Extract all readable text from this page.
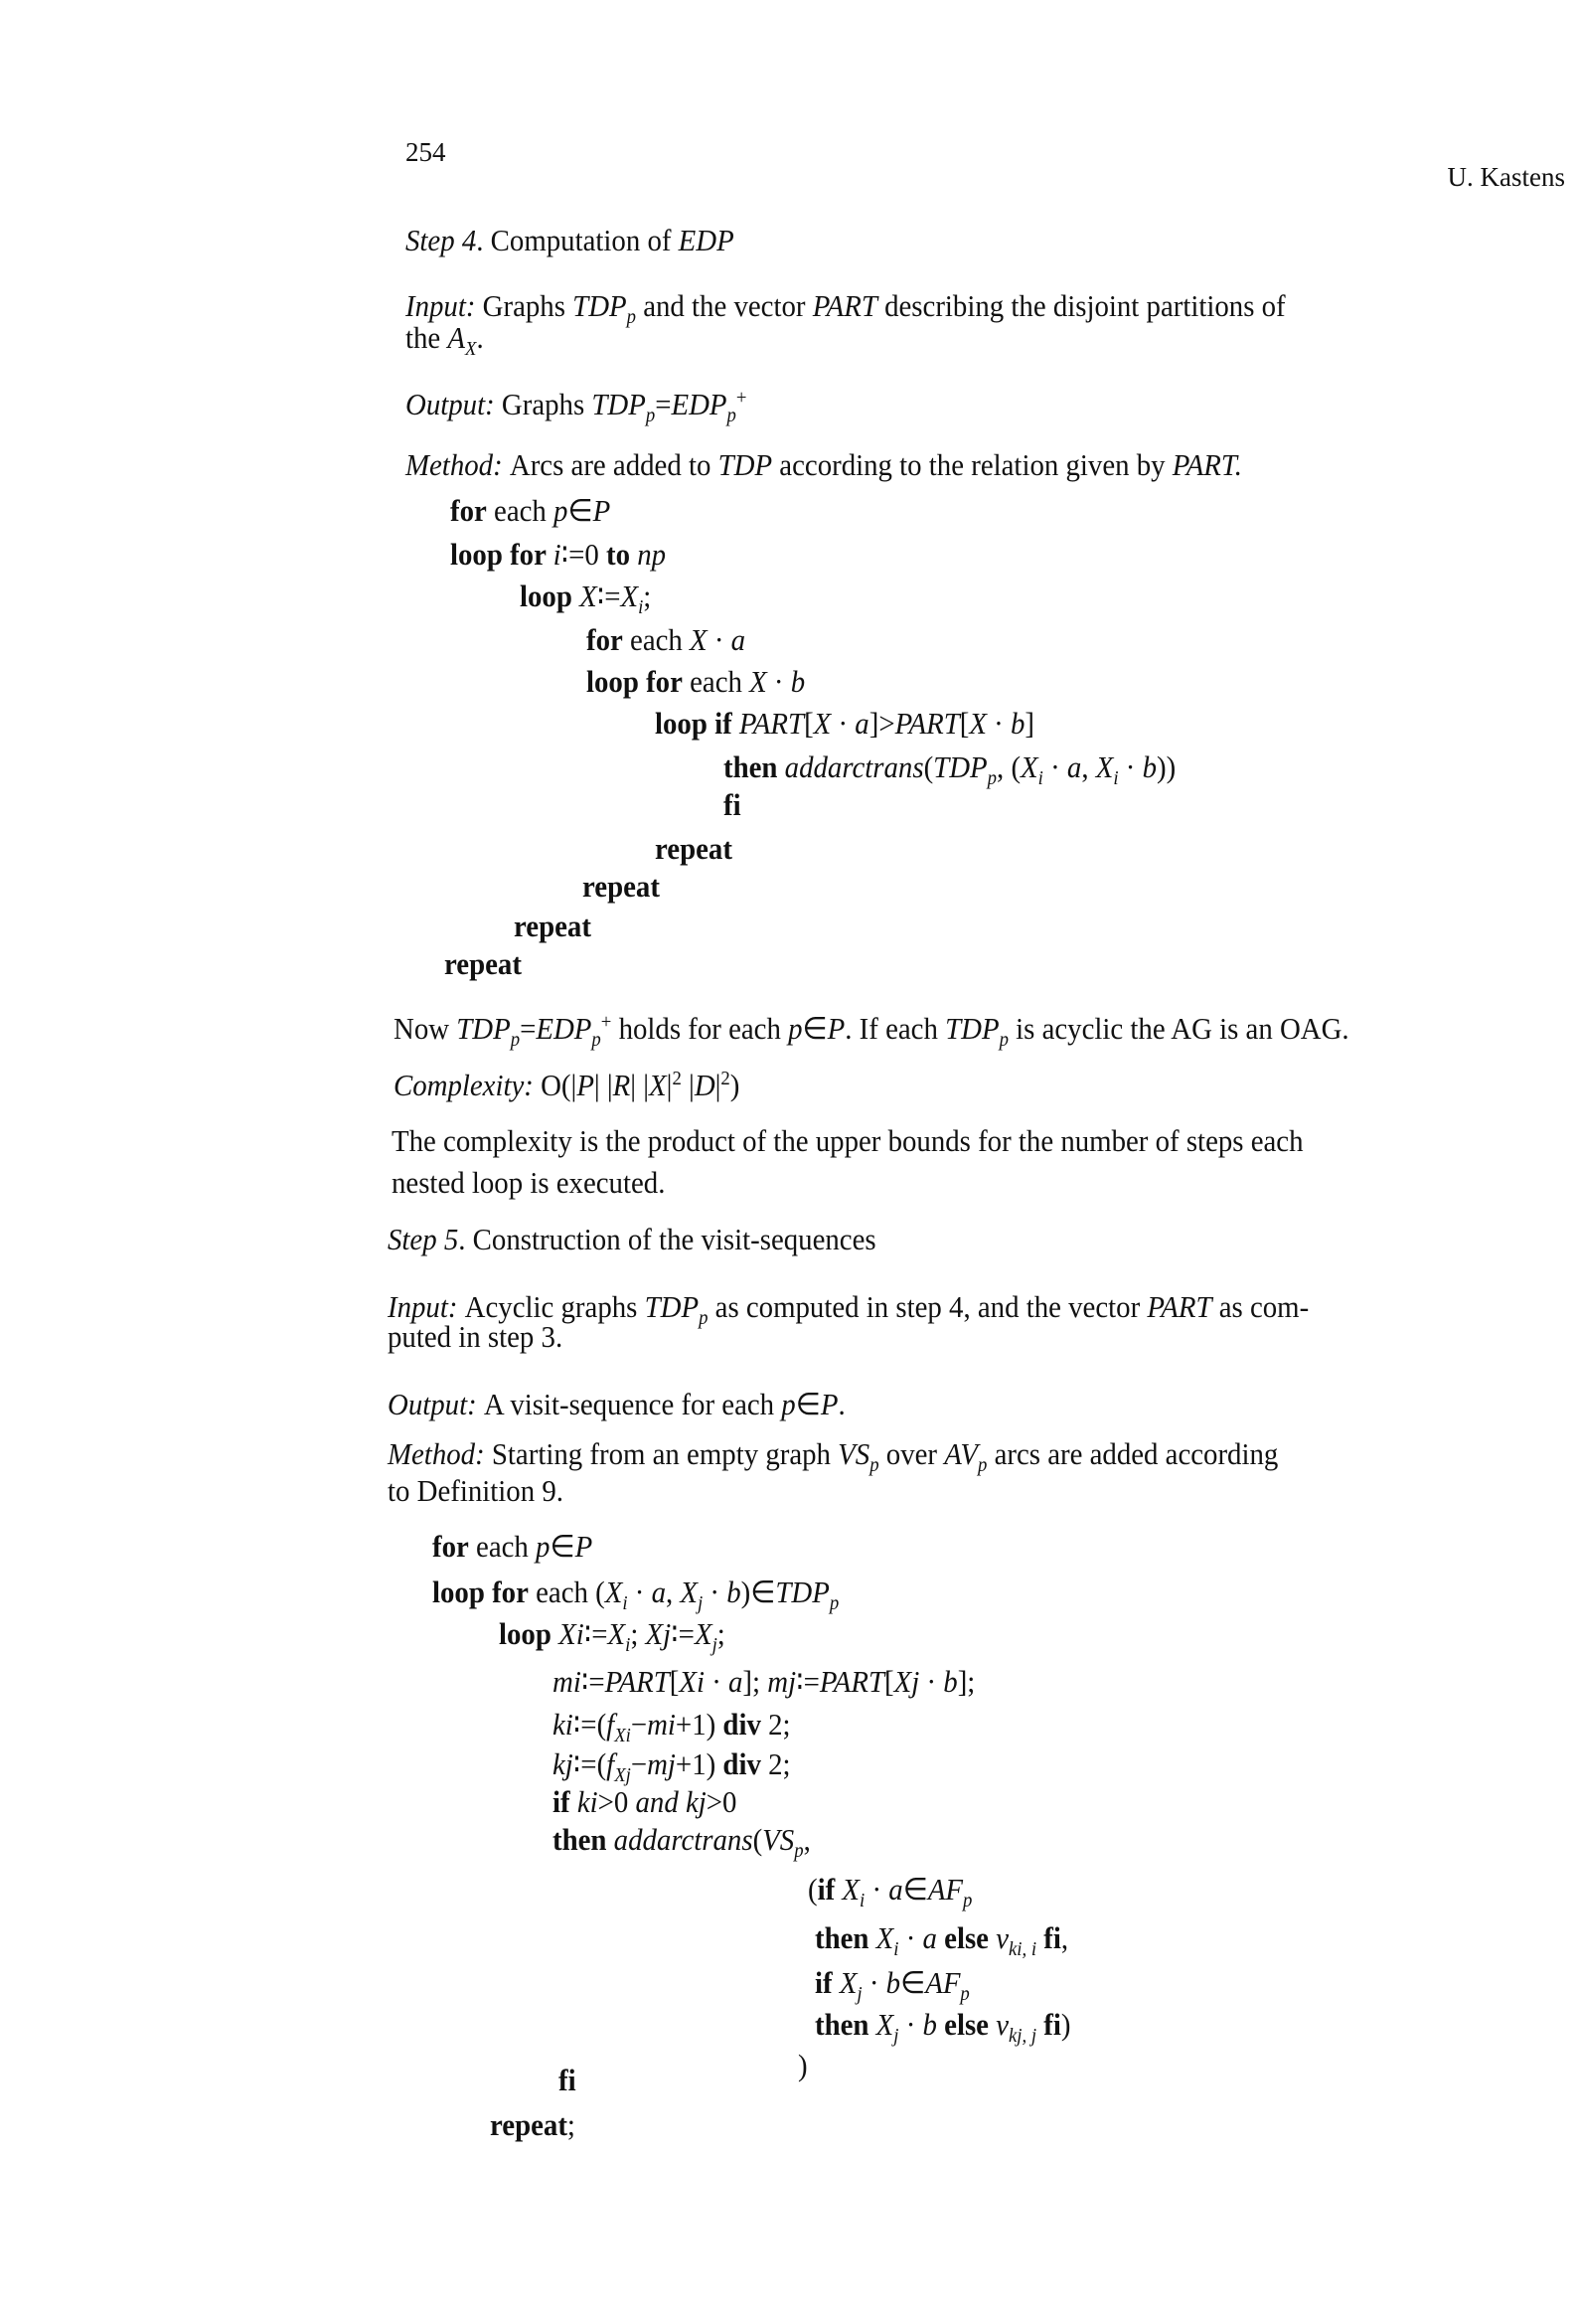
254
U. Kastens
Step 4. Computation of EDP
Input: Graphs $TDP_p$ and the vector PART describing the disjoint partitions of
the $A_X$.
Output: Graphs $TDP_p=EDP_p^+$
Method: Arcs are added to TDP according to the relation given by PART.
for each p∈P
loop for i∶=0 to np
loop $X∶=X_i$;
for each X · a
loop for each X · b
loop if PART[X · a]>PART[X · b]
then $addarctrans(TDP_p$, ($X_i \cdot a$, $X_i \cdot b$))
fi
repeat
repeat
repeat
repeat
Now $TDP_p=EDP_p^+$ holds for each p∈P. If each $TDP_p$ is acyclic the AG is an OAG.
Complexity: O(|P| |R| $|X|^2$ $|D|^2$)
The complexity is the product of the upper bounds for the number of steps each
nested loop is executed.
Step 5. Construction of the visit-sequences
Input: Acyclic graphs $TDP_p$ as computed in step 4, and the vector PART as com-
puted in step 3.
Output: A visit-sequence for each p∈P.
Method: Starting from an empty graph $VS_p$ over $AV_p$ arcs are added according
to Definition 9.
for each p∈P
loop for each ($X_i \cdot a$, $X_j$ · $b)\in TDP_p$
loop $Xi∶=X_i$; $Xj∶=X_j$;
mi∶=PART[Xi · a]; mj∶=PART[Xj · b];
$ki∶=(f_{Xi}-mi+1)$ div 2;
$kj∶=(f_{Xj}-mj+1)$ div 2;
if ki>0 and kj>0
then $addarctrans(VS_p$,
(if $X_i$ · $a\in AF_p$
then $X_i \cdot a$ else $v_{ki, i}$ fi,
if $X_j$ · $b\in AF_p$
then $X_j \cdot b$ else $v_{kj, j}$ fi)
)
fi
repeat;
